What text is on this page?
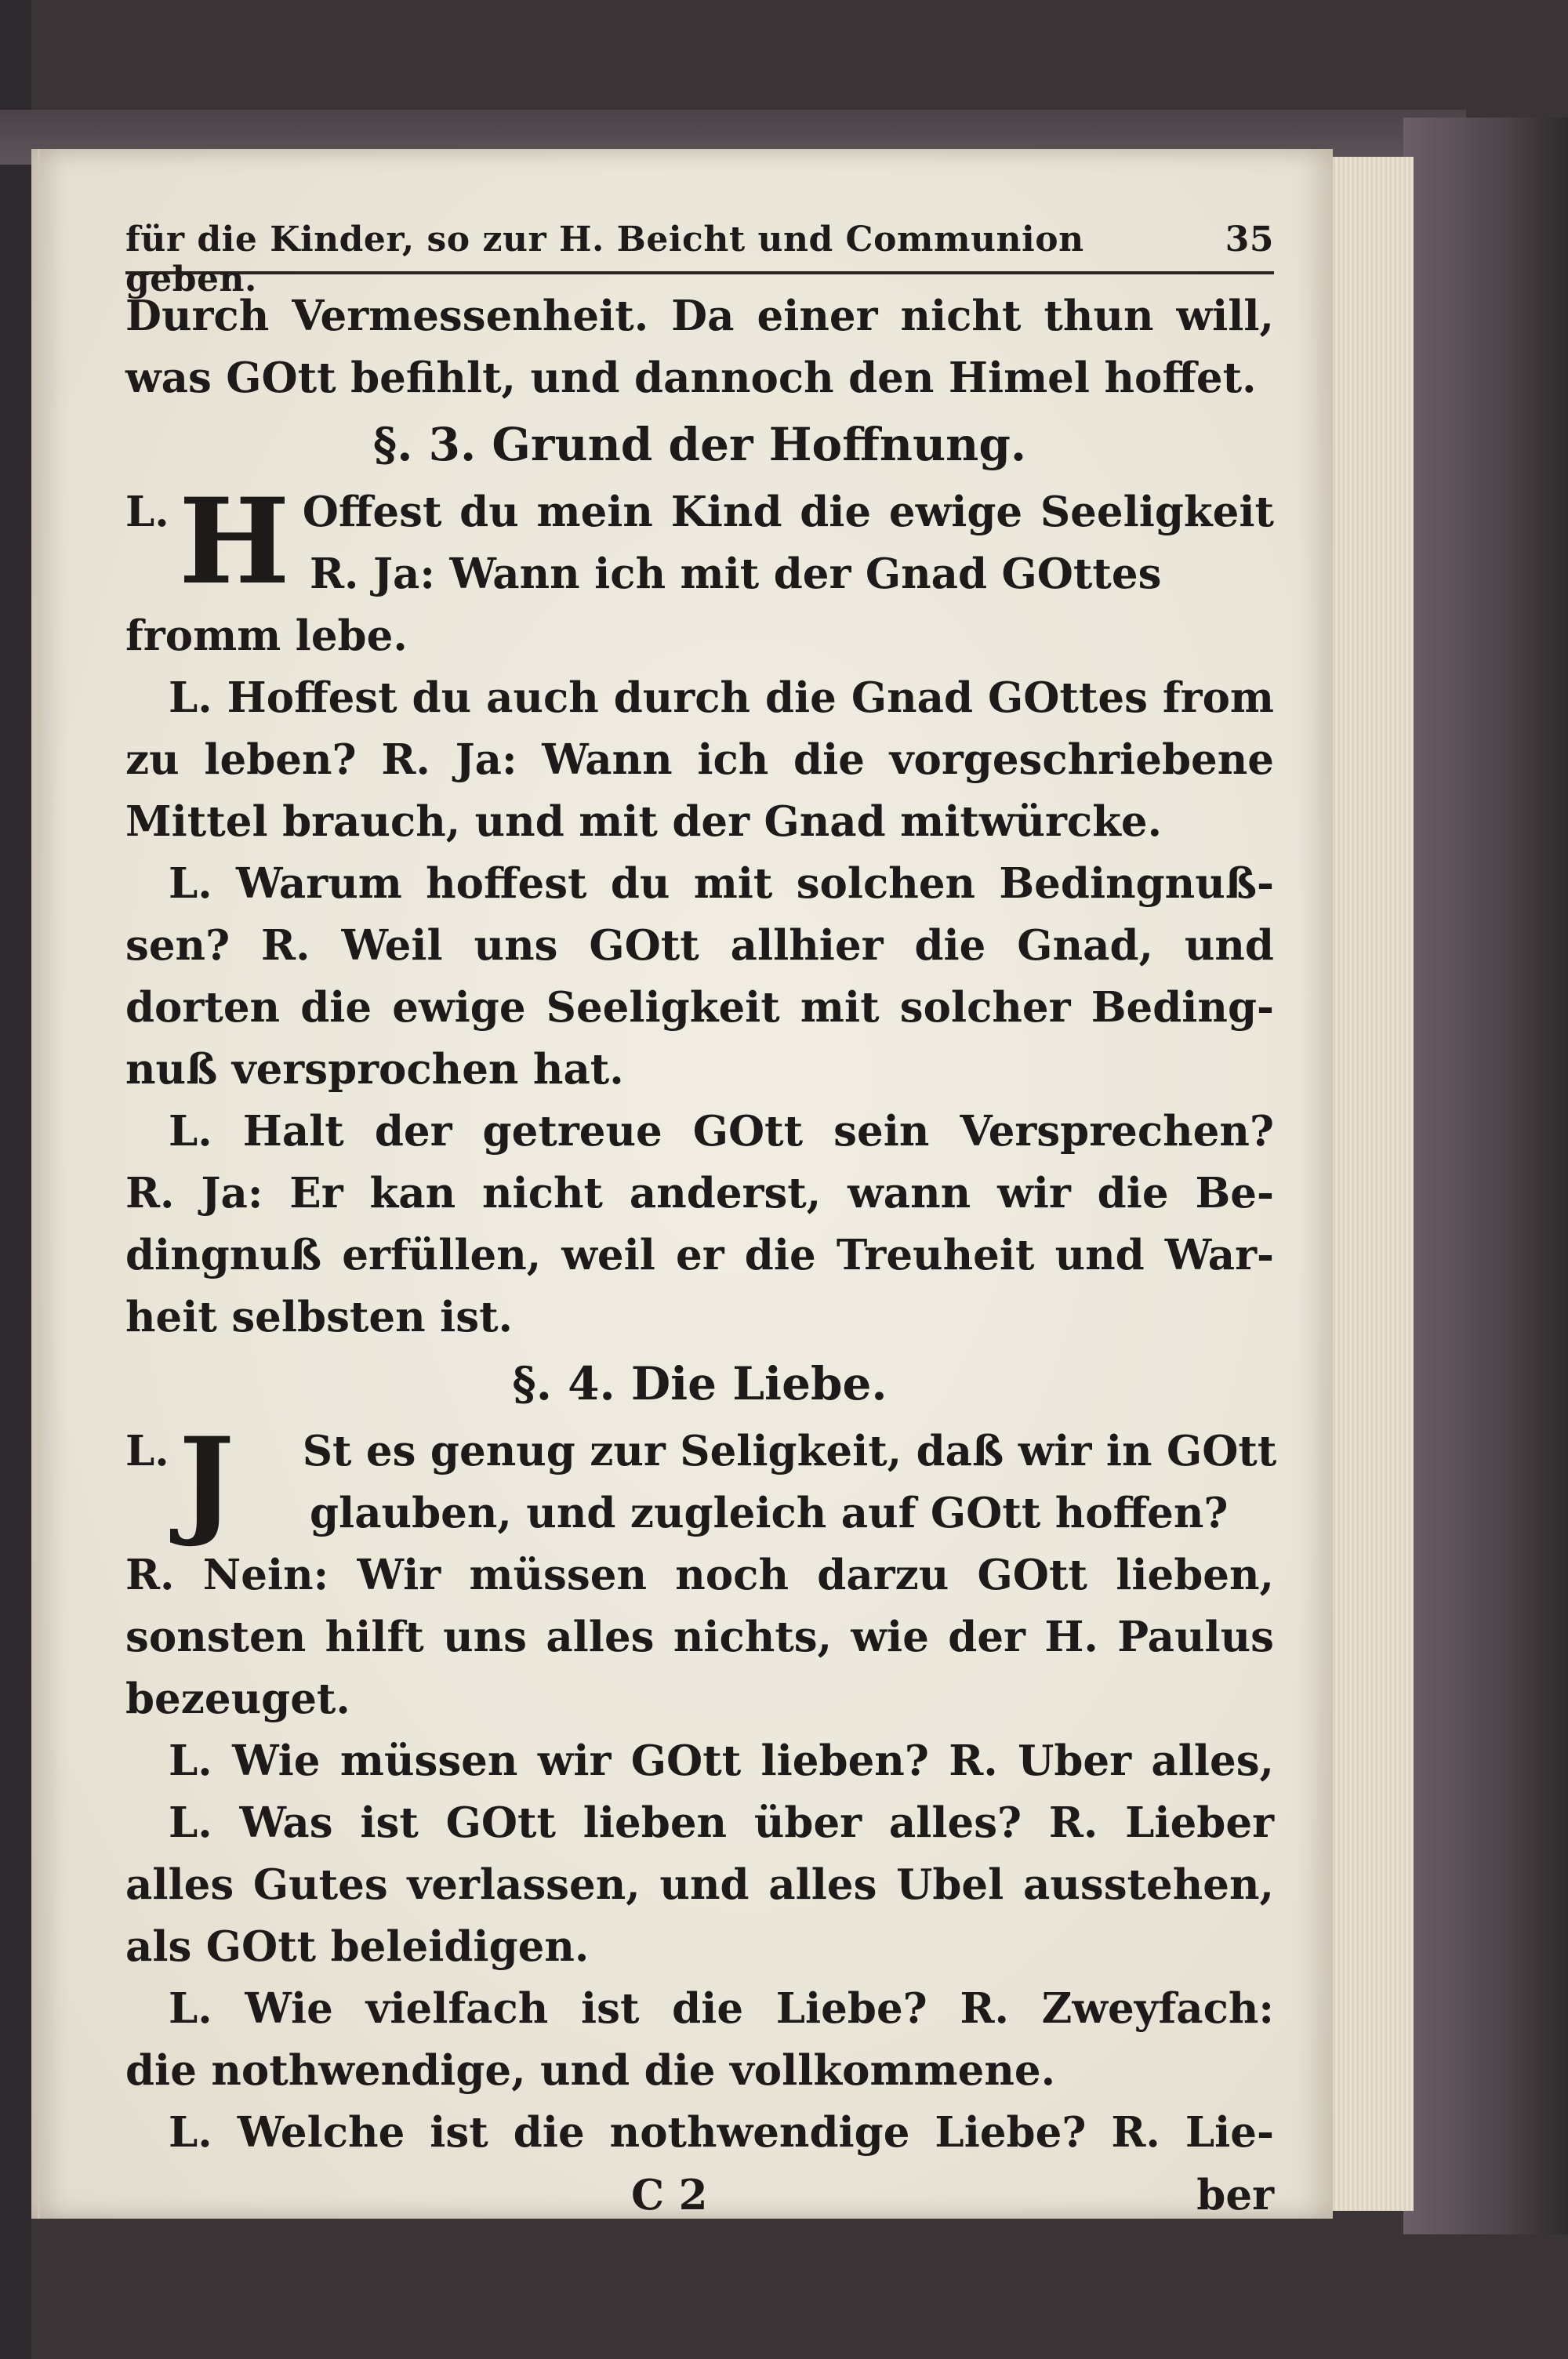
für die Kinder, so zur H. Beicht und Communion geben.
35
Durch Vermessenheit. Da einer nicht thun will,
was GOtt befihlt, und dannoch den Himel hoffet.
§. 3. Grund der Hoffnung.
H
L.	Offest du mein Kind die ewige Seeligkeit
R. Ja: Wann ich mit der Gnad GOttes
fromm lebe.
L. Hoffest du auch durch die Gnad GOttes from
zu leben? R. Ja: Wann ich die vorgeschriebene
Mittel brauch, und mit der Gnad mitwürcke.
L. Warum hoffest du mit solchen Bedingnuß-
sen? R. Weil uns GOtt allhier die Gnad, und
dorten die ewige Seeligkeit mit solcher Beding-
nuß versprochen hat.
L. Halt der getreue GOtt sein Versprechen?
R. Ja: Er kan nicht anderst, wann wir die Be-
dingnuß erfüllen, weil er die Treuheit und War-
heit selbsten ist.
§. 4. Die Liebe.
J
L.	St es genug zur Seligkeit, daß wir in GOtt
glauben, und zugleich auf GOtt hoffen?
R. Nein: Wir müssen noch darzu GOtt lieben,
sonsten hilft uns alles nichts, wie der H. Paulus
bezeuget.
L. Wie müssen wir GOtt lieben? R. Uber alles,
L. Was ist GOtt lieben über alles? R. Lieber
alles Gutes verlassen, und alles Ubel ausstehen,
als GOtt beleidigen.
L. Wie vielfach ist die Liebe? R. Zweyfach:
die nothwendige, und die vollkommene.
L. Welche ist die nothwendige Liebe? R. Lie-
C 2	ber
